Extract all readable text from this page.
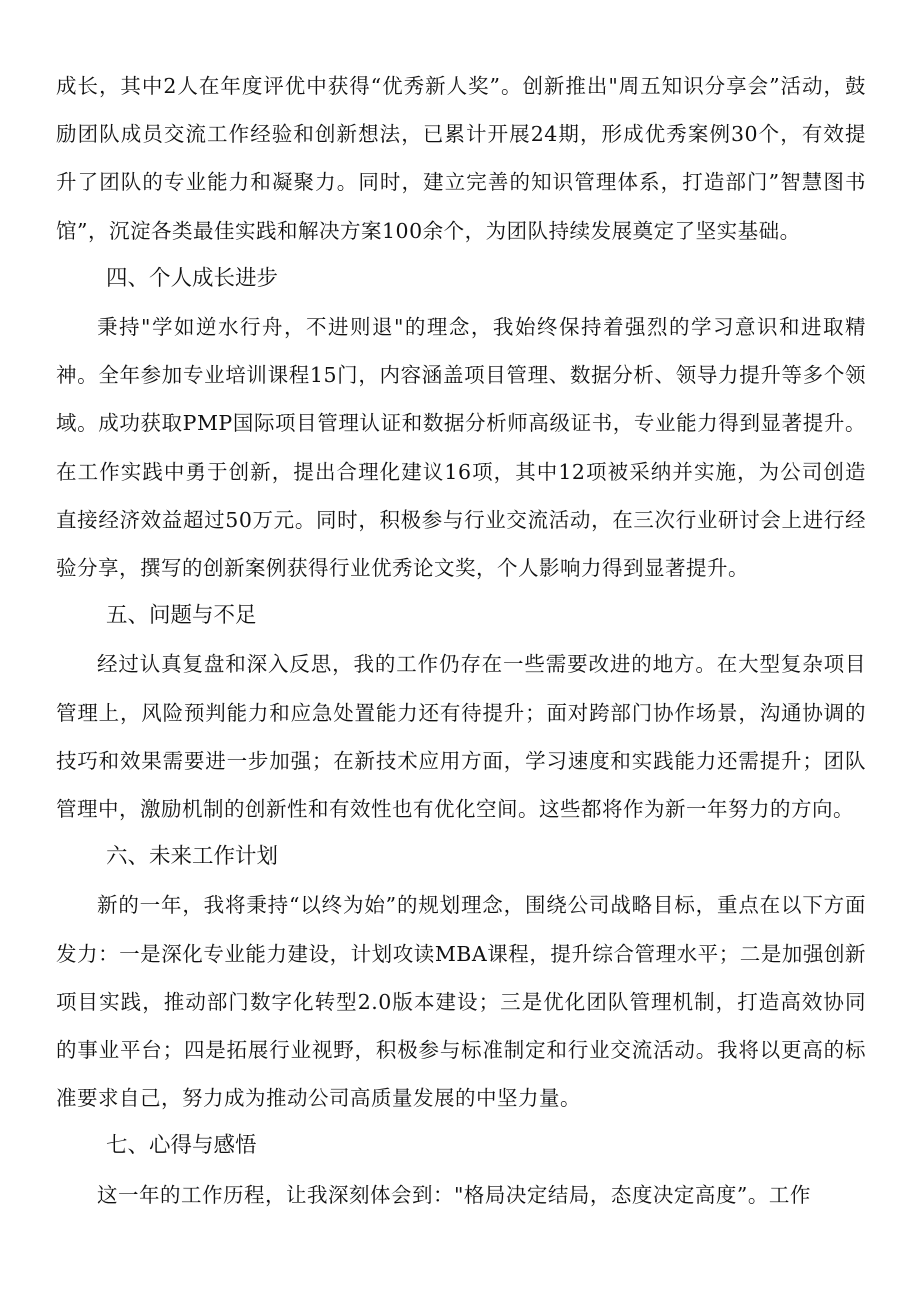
成长，其中2人在年度评优中获得“优秀新人奖”。创新推出"周五知识分享会”活动，鼓励团队成员交流工作经验和创新想法，已累计开展24期，形成优秀案例30个，有效提升了团队的专业能力和凝聚力。同时，建立完善的知识管理体系，打造部门”智慧图书馆”，沉淀各类最佳实践和解决方案100余个，为团队持续发展奠定了坚实基础。

四、个人成长进步

秉持"学如逆水行舟，不进则退"的理念，我始终保持着强烈的学习意识和进取精神。全年参加专业培训课程15门，内容涵盖项目管理、数据分析、领导力提升等多个领域。成功获取PMP国际项目管理认证和数据分析师高级证书，专业能力得到显著提升。在工作实践中勇于创新，提出合理化建议16项，其中12项被采纳并实施，为公司创造直接经济效益超过50万元。同时，积极参与行业交流活动，在三次行业研讨会上进行经验分享，撰写的创新案例获得行业优秀论文奖，个人影响力得到显著提升。

五、问题与不足

经过认真复盘和深入反思，我的工作仍存在一些需要改进的地方。在大型复杂项目管理上，风险预判能力和应急处置能力还有待提升；面对跨部门协作场景，沟通协调的技巧和效果需要进一步加强；在新技术应用方面，学习速度和实践能力还需提升；团队管理中，激励机制的创新性和有效性也有优化空间。这些都将作为新一年努力的方向。

六、未来工作计划

新的一年，我将秉持“以终为始”的规划理念，围绕公司战略目标，重点在以下方面发力：一是深化专业能力建设，计划攻读MBA课程，提升综合管理水平；二是加强创新项目实践，推动部门数字化转型2.0版本建设；三是优化团队管理机制，打造高效协同的事业平台；四是拓展行业视野，积极参与标准制定和行业交流活动。我将以更高的标准要求自己，努力成为推动公司高质量发展的中坚力量。

七、心得与感悟

这一年的工作历程，让我深刻体会到："格局决定结局，态度决定高度”。工作
